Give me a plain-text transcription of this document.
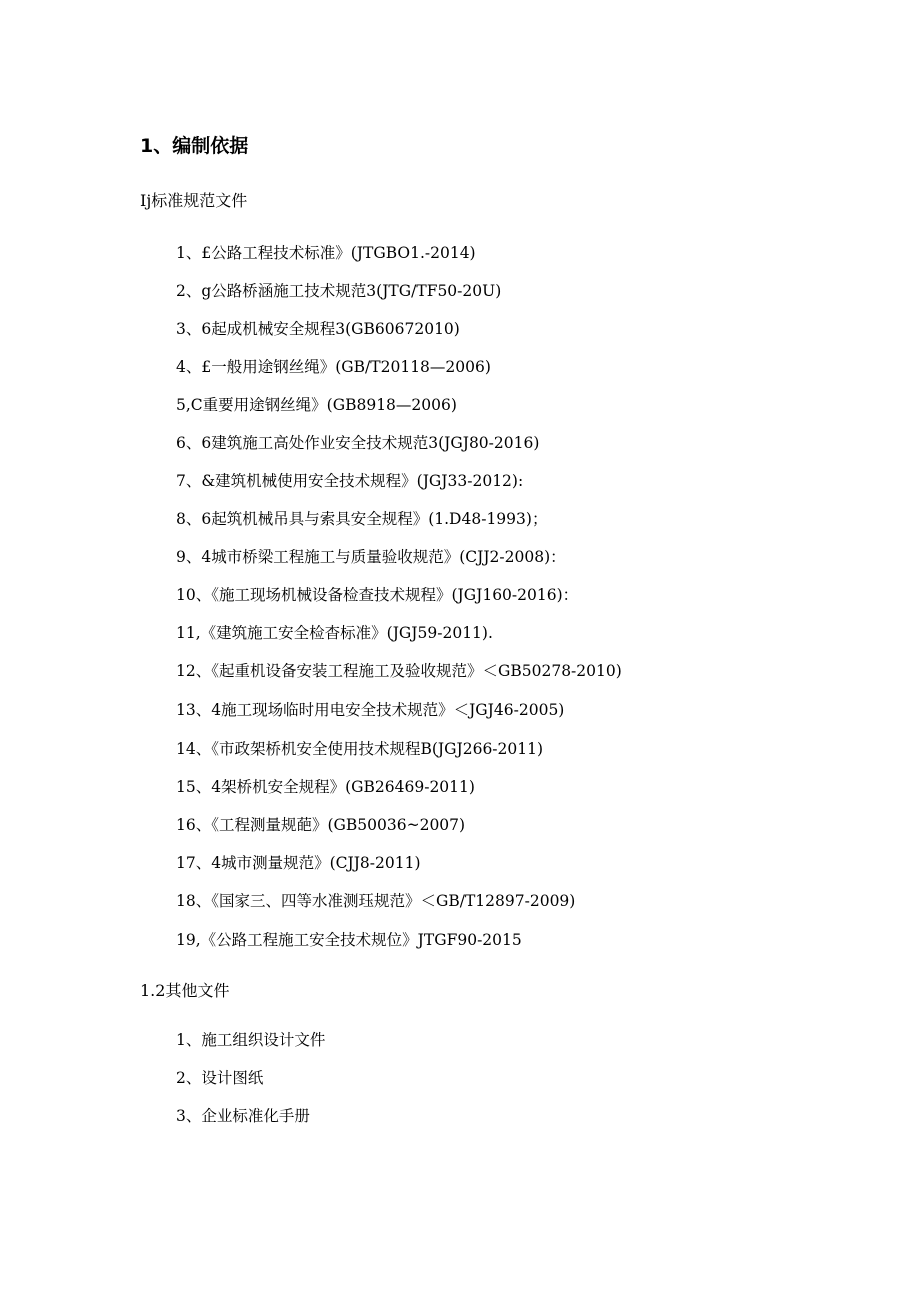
1、编制依据
Ij标准规范文件
1、£公路工程技术标准》(JTGBO1.-2014)
2、g公路桥涵施工技术规范3(JTG/TF50-20U)
3、6起成机械安全规程3(GB60672010)
4、£一般用途钢丝绳》(GB/T20118—2006)
5,C重要用途钢丝绳》(GB8918—2006)
6、6建筑施工高处作业安全技术规范3(JGJ80-2016)
7、&建筑机械使用安全技术规程》(JGJ33-2012):
8、6起筑机械吊具与索具安全规程》(1.D48-1993)；
9、4城市桥梁工程施工与质量验收规范》(CJJ2-2008)：
10、《施工现场机械设备检查技术规程》(JGJ160-2016)：
11,《建筑施工安全检杳标准》(JGJ59-2011).
12、《起重机设备安装工程施工及验收规范》＜GB50278-2010)
13、4施工现场临时用电安全技术规范》＜JGJ46-2005)
14、《市政架桥机安全使用技术规程B(JGJ266-2011)
15、4架桥机安全规程》(GB26469-2011)
16、《工程测量规葩》(GB50036~2007)
17、4城市测量规范》(CJJ8-2011)
18、《国家三、四等水准测珏规范》＜GB/T12897-2009)
19,《公路工程施工安全技术规位》JTGF90-2015
1.2其他文件
1、施工组织设计文件
2、设计图纸
3、企业标准化手册
